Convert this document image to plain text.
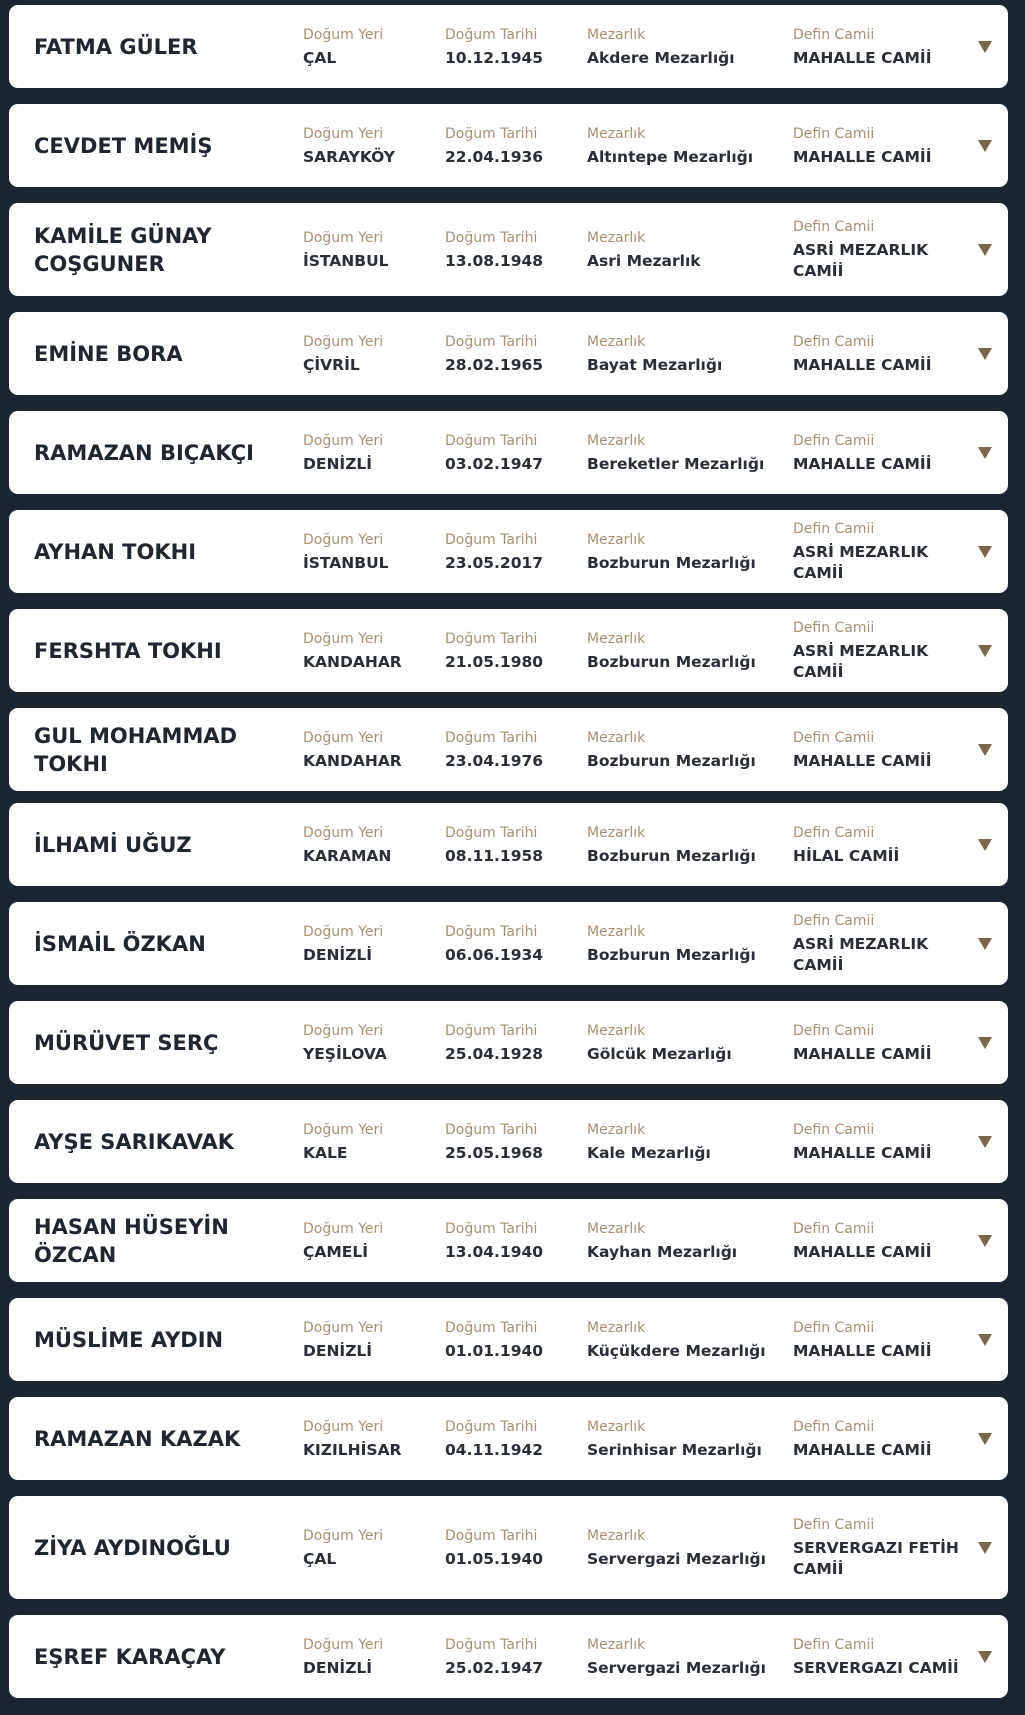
FATMA GÜLER	Doğum Yeri
ÇAL
Doğum Tarihi
10.12.1945
Mezarlık
Akdere Mezarlığı
Defin Camii
MAHALLE CAMİİ
CEVDET MEMİŞ	Doğum Yeri
SARAYKÖY
Doğum Tarihi
22.04.1936
Mezarlık
Altıntepe Mezarlığı
Defin Camii
MAHALLE CAMİİ
KAMİLE GÜNAY COŞGUNER
Doğum Yeri
İSTANBUL
Doğum Tarihi
13.08.1948
Mezarlık
Asri Mezarlık
Defin Camii
ASRİ MEZARLIK CAMİİ
EMİNE BORA	Doğum Yeri
ÇİVRİL
Doğum Tarihi
28.02.1965
Mezarlık
Bayat Mezarlığı
Defin Camii
MAHALLE CAMİİ
RAMAZAN BIÇAKÇI	Doğum Yeri
DENİZLİ
Doğum Tarihi
03.02.1947
Mezarlık
Bereketler Mezarlığı
Defin Camii
MAHALLE CAMİİ
AYHAN TOKHI	Doğum Yeri
İSTANBUL
Doğum Tarihi
23.05.2017
Mezarlık
Bozburun Mezarlığı
Defin Camii
ASRİ MEZARLIK CAMİİ
FERSHTA TOKHI	Doğum Yeri
KANDAHAR
Doğum Tarihi
21.05.1980
Mezarlık
Bozburun Mezarlığı
Defin Camii
ASRİ MEZARLIK CAMİİ
GUL MOHAMMAD TOKHI
Doğum Yeri
KANDAHAR
Doğum Tarihi
23.04.1976
Mezarlık
Bozburun Mezarlığı
Defin Camii
MAHALLE CAMİİ
İLHAMİ UĞUZ	Doğum Yeri
KARAMAN
Doğum Tarihi
08.11.1958
Mezarlık
Bozburun Mezarlığı
Defin Camii
HİLAL CAMİİ
İSMAİL ÖZKAN	Doğum Yeri
DENİZLİ
Doğum Tarihi
06.06.1934
Mezarlık
Bozburun Mezarlığı
Defin Camii
ASRİ MEZARLIK CAMİİ
MÜRÜVET SERÇ	Doğum Yeri
YEŞİLOVA
Doğum Tarihi
25.04.1928
Mezarlık
Gölcük Mezarlığı
Defin Camii
MAHALLE CAMİİ
AYŞE SARIKAVAK	Doğum Yeri
KALE
Doğum Tarihi
25.05.1968
Mezarlık
Kale Mezarlığı
Defin Camii
MAHALLE CAMİİ
HASAN HÜSEYİN ÖZCAN
Doğum Yeri
ÇAMELİ
Doğum Tarihi
13.04.1940
Mezarlık
Kayhan Mezarlığı
Defin Camii
MAHALLE CAMİİ
MÜSLİME AYDIN	Doğum Yeri
DENİZLİ
Doğum Tarihi
01.01.1940
Mezarlık
Küçükdere Mezarlığı
Defin Camii
MAHALLE CAMİİ
RAMAZAN KAZAK	Doğum Yeri
KIZILHİSAR
Doğum Tarihi
04.11.1942
Mezarlık
Serinhisar Mezarlığı
Defin Camii
MAHALLE CAMİİ
ZİYA AYDINOĞLU	Doğum Yeri
ÇAL
Doğum Tarihi
01.05.1940
Mezarlık
Servergazi Mezarlığı
Defin Camii
SERVERGAZI FETİH CAMİİ
EŞREF KARAÇAY	Doğum Yeri
DENİZLİ
Doğum Tarihi
25.02.1947
Mezarlık
Servergazi Mezarlığı
Defin Camii
SERVERGAZI CAMİİ
